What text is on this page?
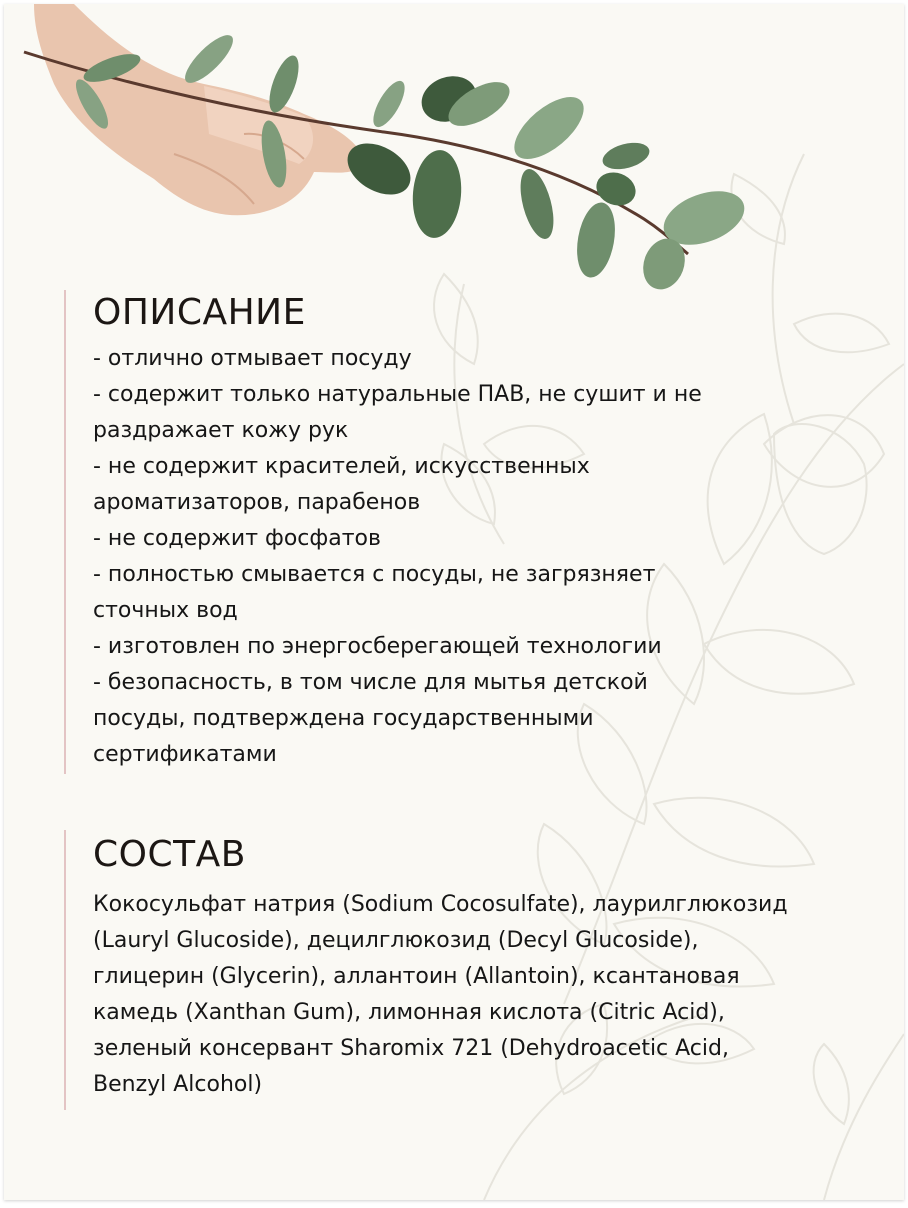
ОПИСАНИЕ
- отлично отмывает посуду
- содержит только натуральные ПАВ, не сушит и не
раздражает кожу рук
- не содержит красителей, искусственных
ароматизаторов, парабенов
- не содержит фосфатов
- полностью смывается с посуды, не загрязняет
сточных вод
- изготовлен по энергосберегающей технологии
- безопасность, в том числе для мытья детской
посуды, подтверждена государственными
сертификатами
СОСТАВ
Кокосульфат натрия (Sodium Cocosulfate), лаурилглюкозид
(Lauryl Glucoside), децилглюкозид (Decyl Glucoside),
глицерин (Glycerin), аллантоин (Allantoin), ксантановая
камедь (Xanthan Gum), лимонная кислота (Citric Acid),
зеленый консервант Sharomix 721 (Dehydroacetic Acid,
Benzyl Alcohol)
